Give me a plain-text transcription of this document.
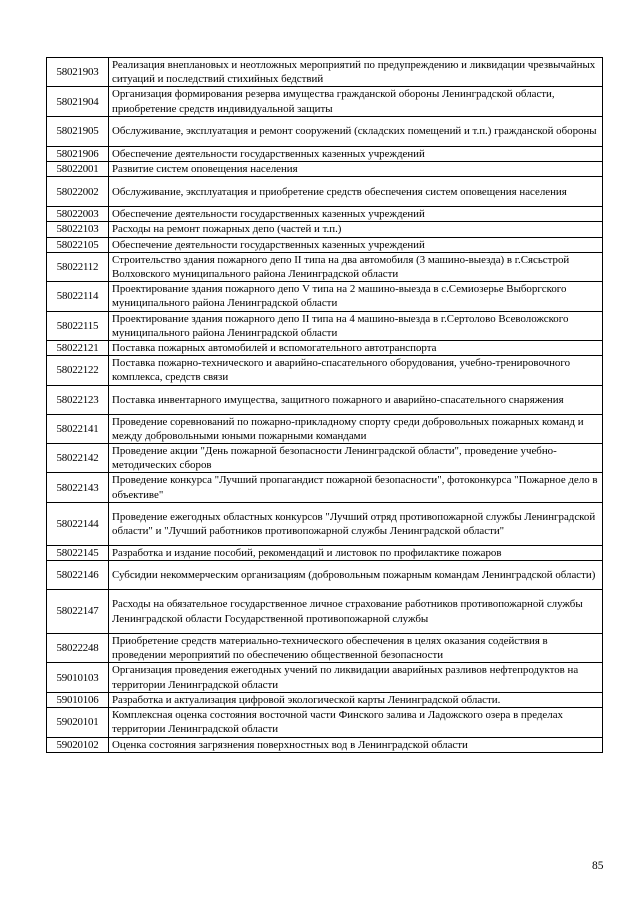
58021903	Реализация внеплановых и неотложных мероприятий по предупреждению и ликвидации чрезвычайных ситуаций и последствий стихийных бедствий
58021904	Организация формирования резерва имущества гражданской обороны Ленинградской области, приобретение средств индивидуальной защиты
58021905	Обслуживание, эксплуатация и ремонт сооружений (складских помещений и т.п.) гражданской обороны
58021906	Обеспечение деятельности государственных казенных учреждений
58022001	Развитие систем оповещения населения
58022002	Обслуживание, эксплуатация и приобретение средств обеспечения систем оповещения населения
58022003	Обеспечение деятельности государственных казенных учреждений
58022103	Расходы на ремонт пожарных депо (частей и т.п.)
58022105	Обеспечение деятельности государственных казенных учреждений
58022112	Строительство здания пожарного депо II типа на два автомобиля (3 машино-выезда) в г.Сясьстрой Волховского муниципального района Ленинградской области
58022114	Проектирование здания пожарного депо V типа на 2 машино-выезда в с.Семиозерье Выборгского муниципального района Ленинградской области
58022115	Проектирование здания пожарного депо II типа на 4 машино-выезда в г.Сертолово Всеволожского муниципального района Ленинградской области
58022121	Поставка пожарных автомобилей и вспомогательного автотранспорта
58022122	Поставка пожарно-технического и аварийно-спасательного оборудования, учебно-тренировочного комплекса, средств связи
58022123	Поставка инвентарного имущества, защитного пожарного и аварийно-спасательного снаряжения
58022141	Проведение соревнований по пожарно-прикладному спорту среди добровольных пожарных команд и между добровольными юными пожарными командами
58022142	Проведение акции "День пожарной безопасности Ленинградской области", проведение учебно-методических сборов
58022143	Проведение конкурса "Лучший пропагандист пожарной безопасности", фотоконкурса "Пожарное дело в объективе"
58022144	Проведение ежегодных областных конкурсов "Лучший отряд противопожарной службы Ленинградской области" и "Лучший работников противопожарной службы Ленинградской области"
58022145	Разработка и издание пособий, рекомендаций и листовок по профилактике пожаров
58022146	Субсидии некоммерческим организациям (добровольным пожарным командам Ленинградской области)
58022147	Расходы на обязательное государственное личное страхование работников противопожарной службы Ленинградской области Государственной противопожарной службы
58022248	Приобретение средств материально-технического обеспечения в целях оказания содействия в проведении мероприятий по обеспечению общественной безопасности
59010103	Организация проведения ежегодных учений по ликвидации аварийных разливов нефтепродуктов на территории Ленинградской области
59010106	Разработка и актуализация цифровой экологической карты Ленинградской области.
59020101	Комплексная оценка состояния восточной части Финского залива и Ладожского озера в пределах территории Ленинградской области
59020102	Оценка состояния загрязнения поверхностных вод в Ленинградской области
85
